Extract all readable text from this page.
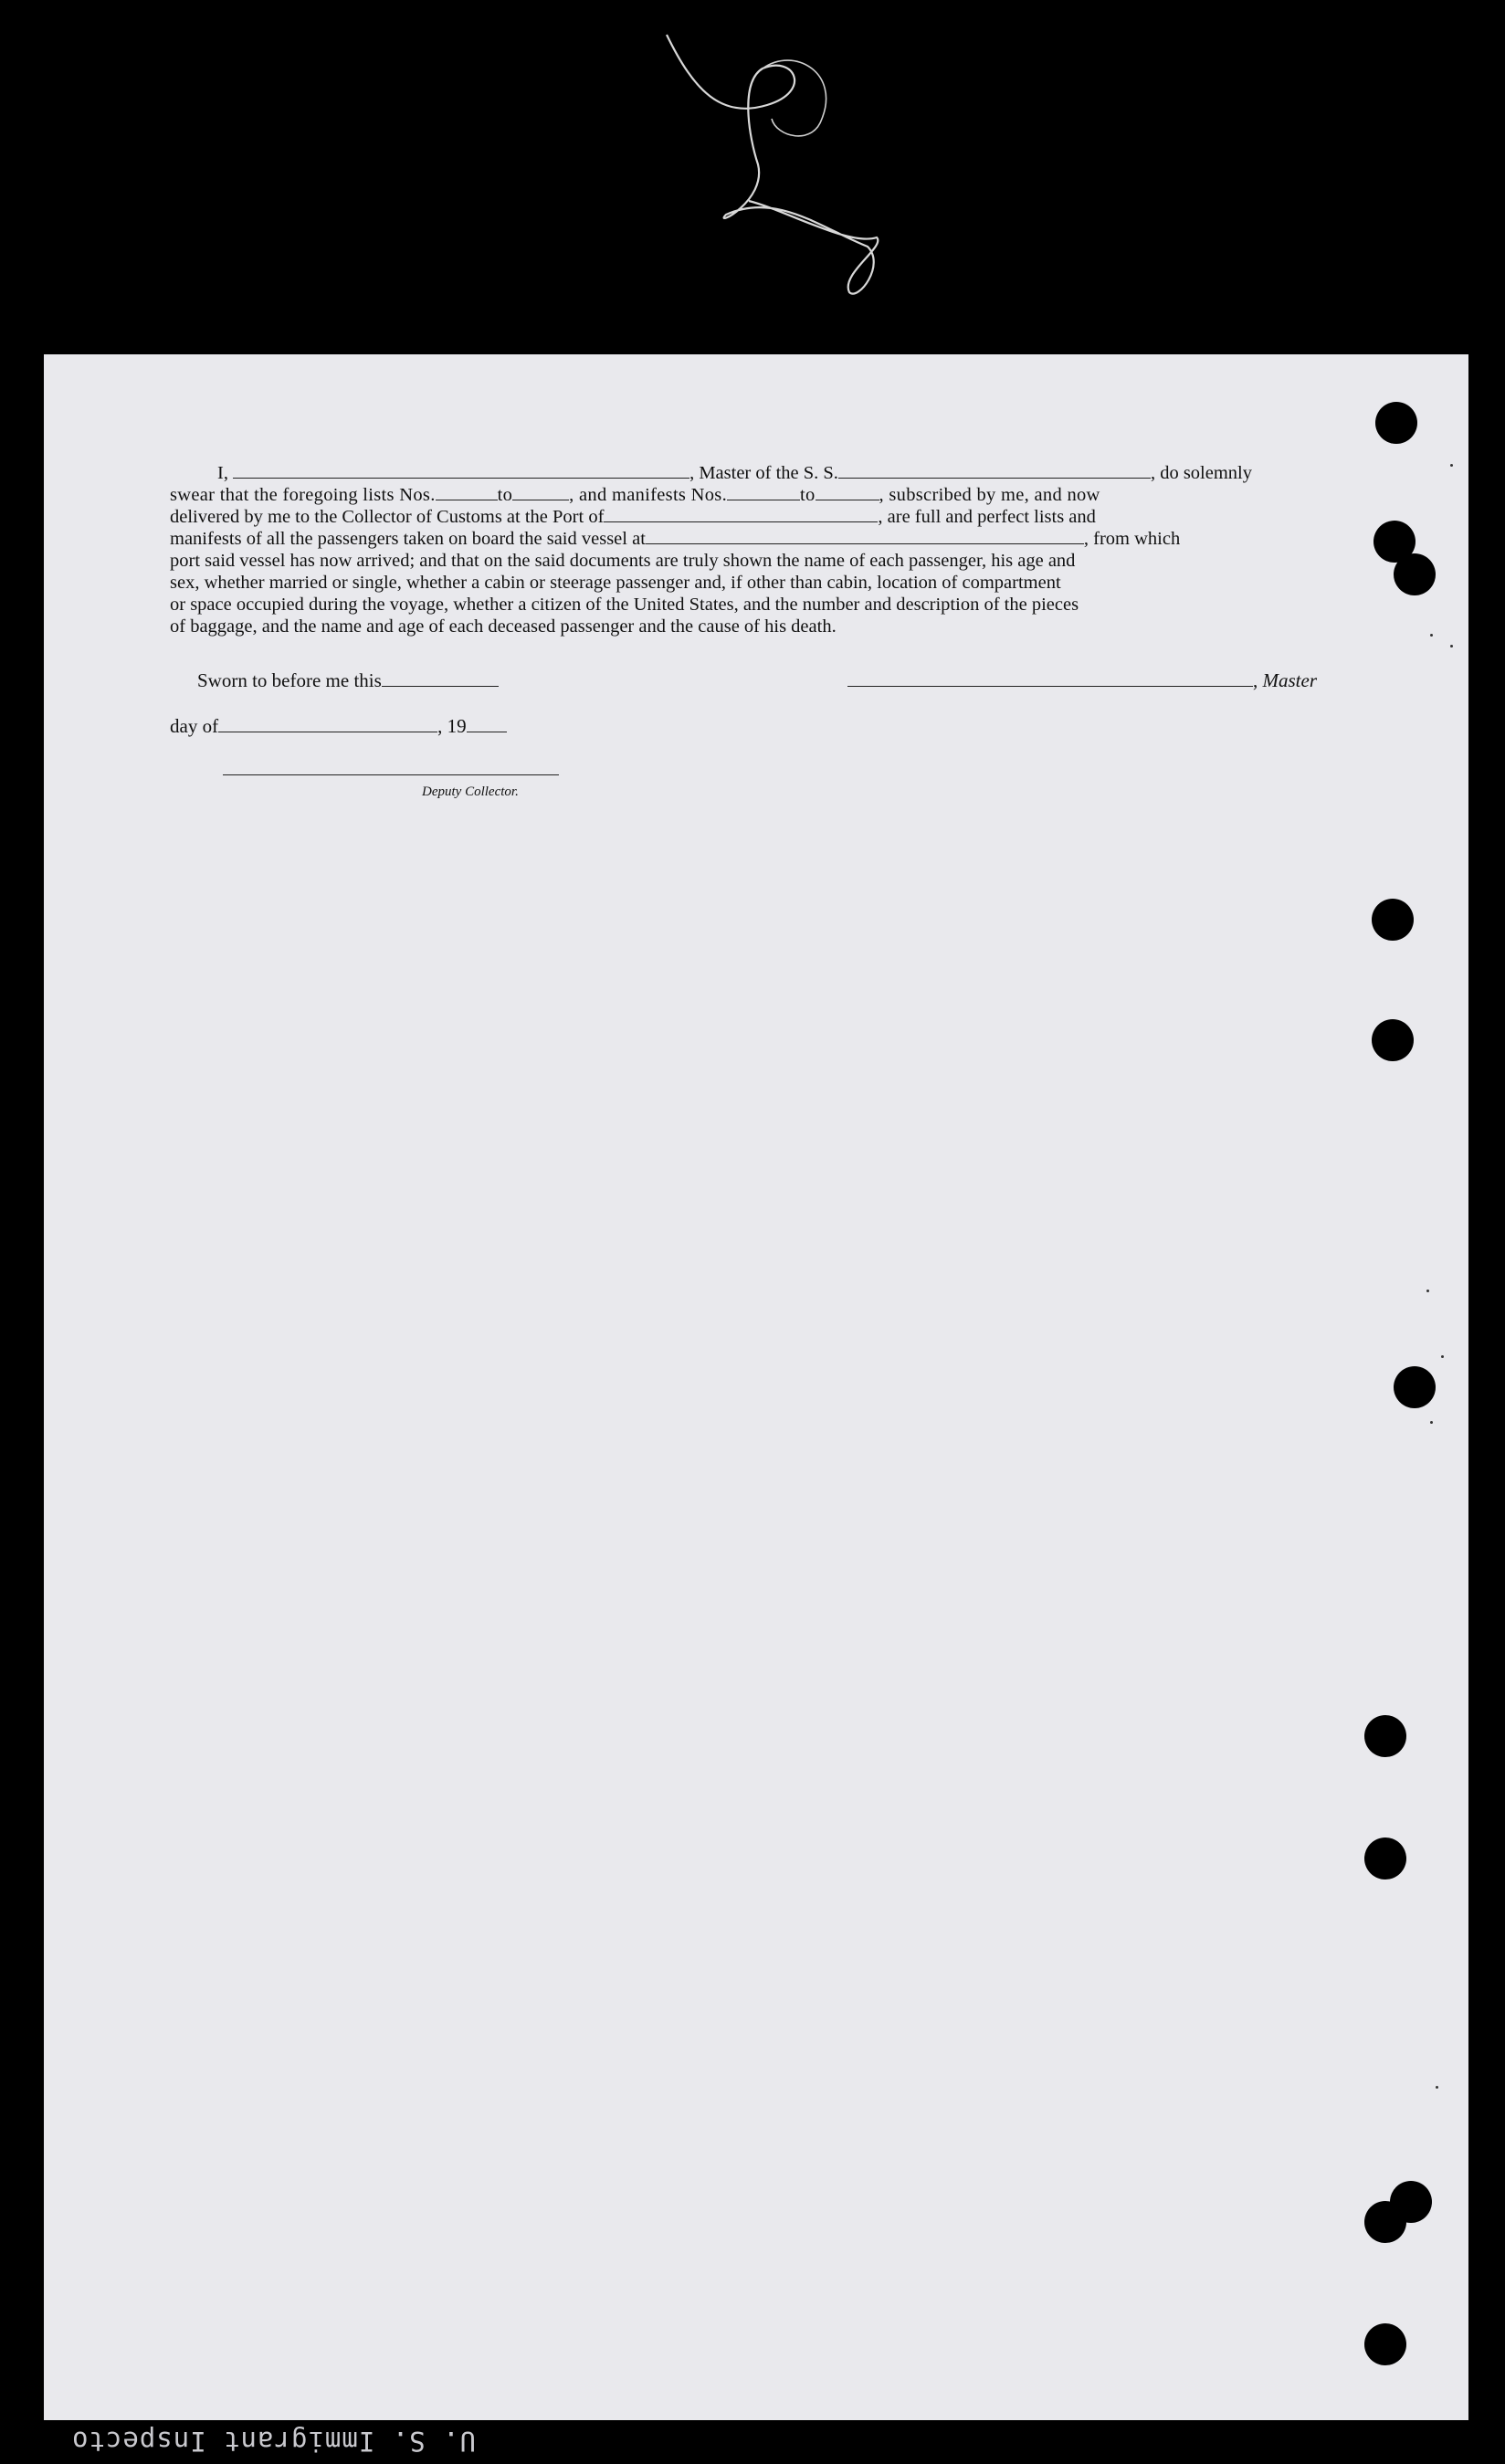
I,	, Master of the S. S.	, do solemnly

swear that the foregoing lists Nos.	to	, and manifests Nos.	to	, subscribed by me, and now

delivered by me to the Collector of Customs at the Port of	, are full and perfect lists and

manifests of all the passengers taken on board the said vessel at	, from which

port said vessel has now arrived; and that on the said documents are truly shown the name of each passenger, his age and

sex, whether married or single, whether a cabin or steerage passenger and, if other than cabin, location of compartment

or space occupied during the voyage, whether a citizen of the United States, and the number and description of the pieces

of baggage, and the name and age of each deceased passenger and the cause of his death.

Sworn to before me this	, Master
day of	, 19
Deputy Collector.
U. S. Immigrant Inspecto
